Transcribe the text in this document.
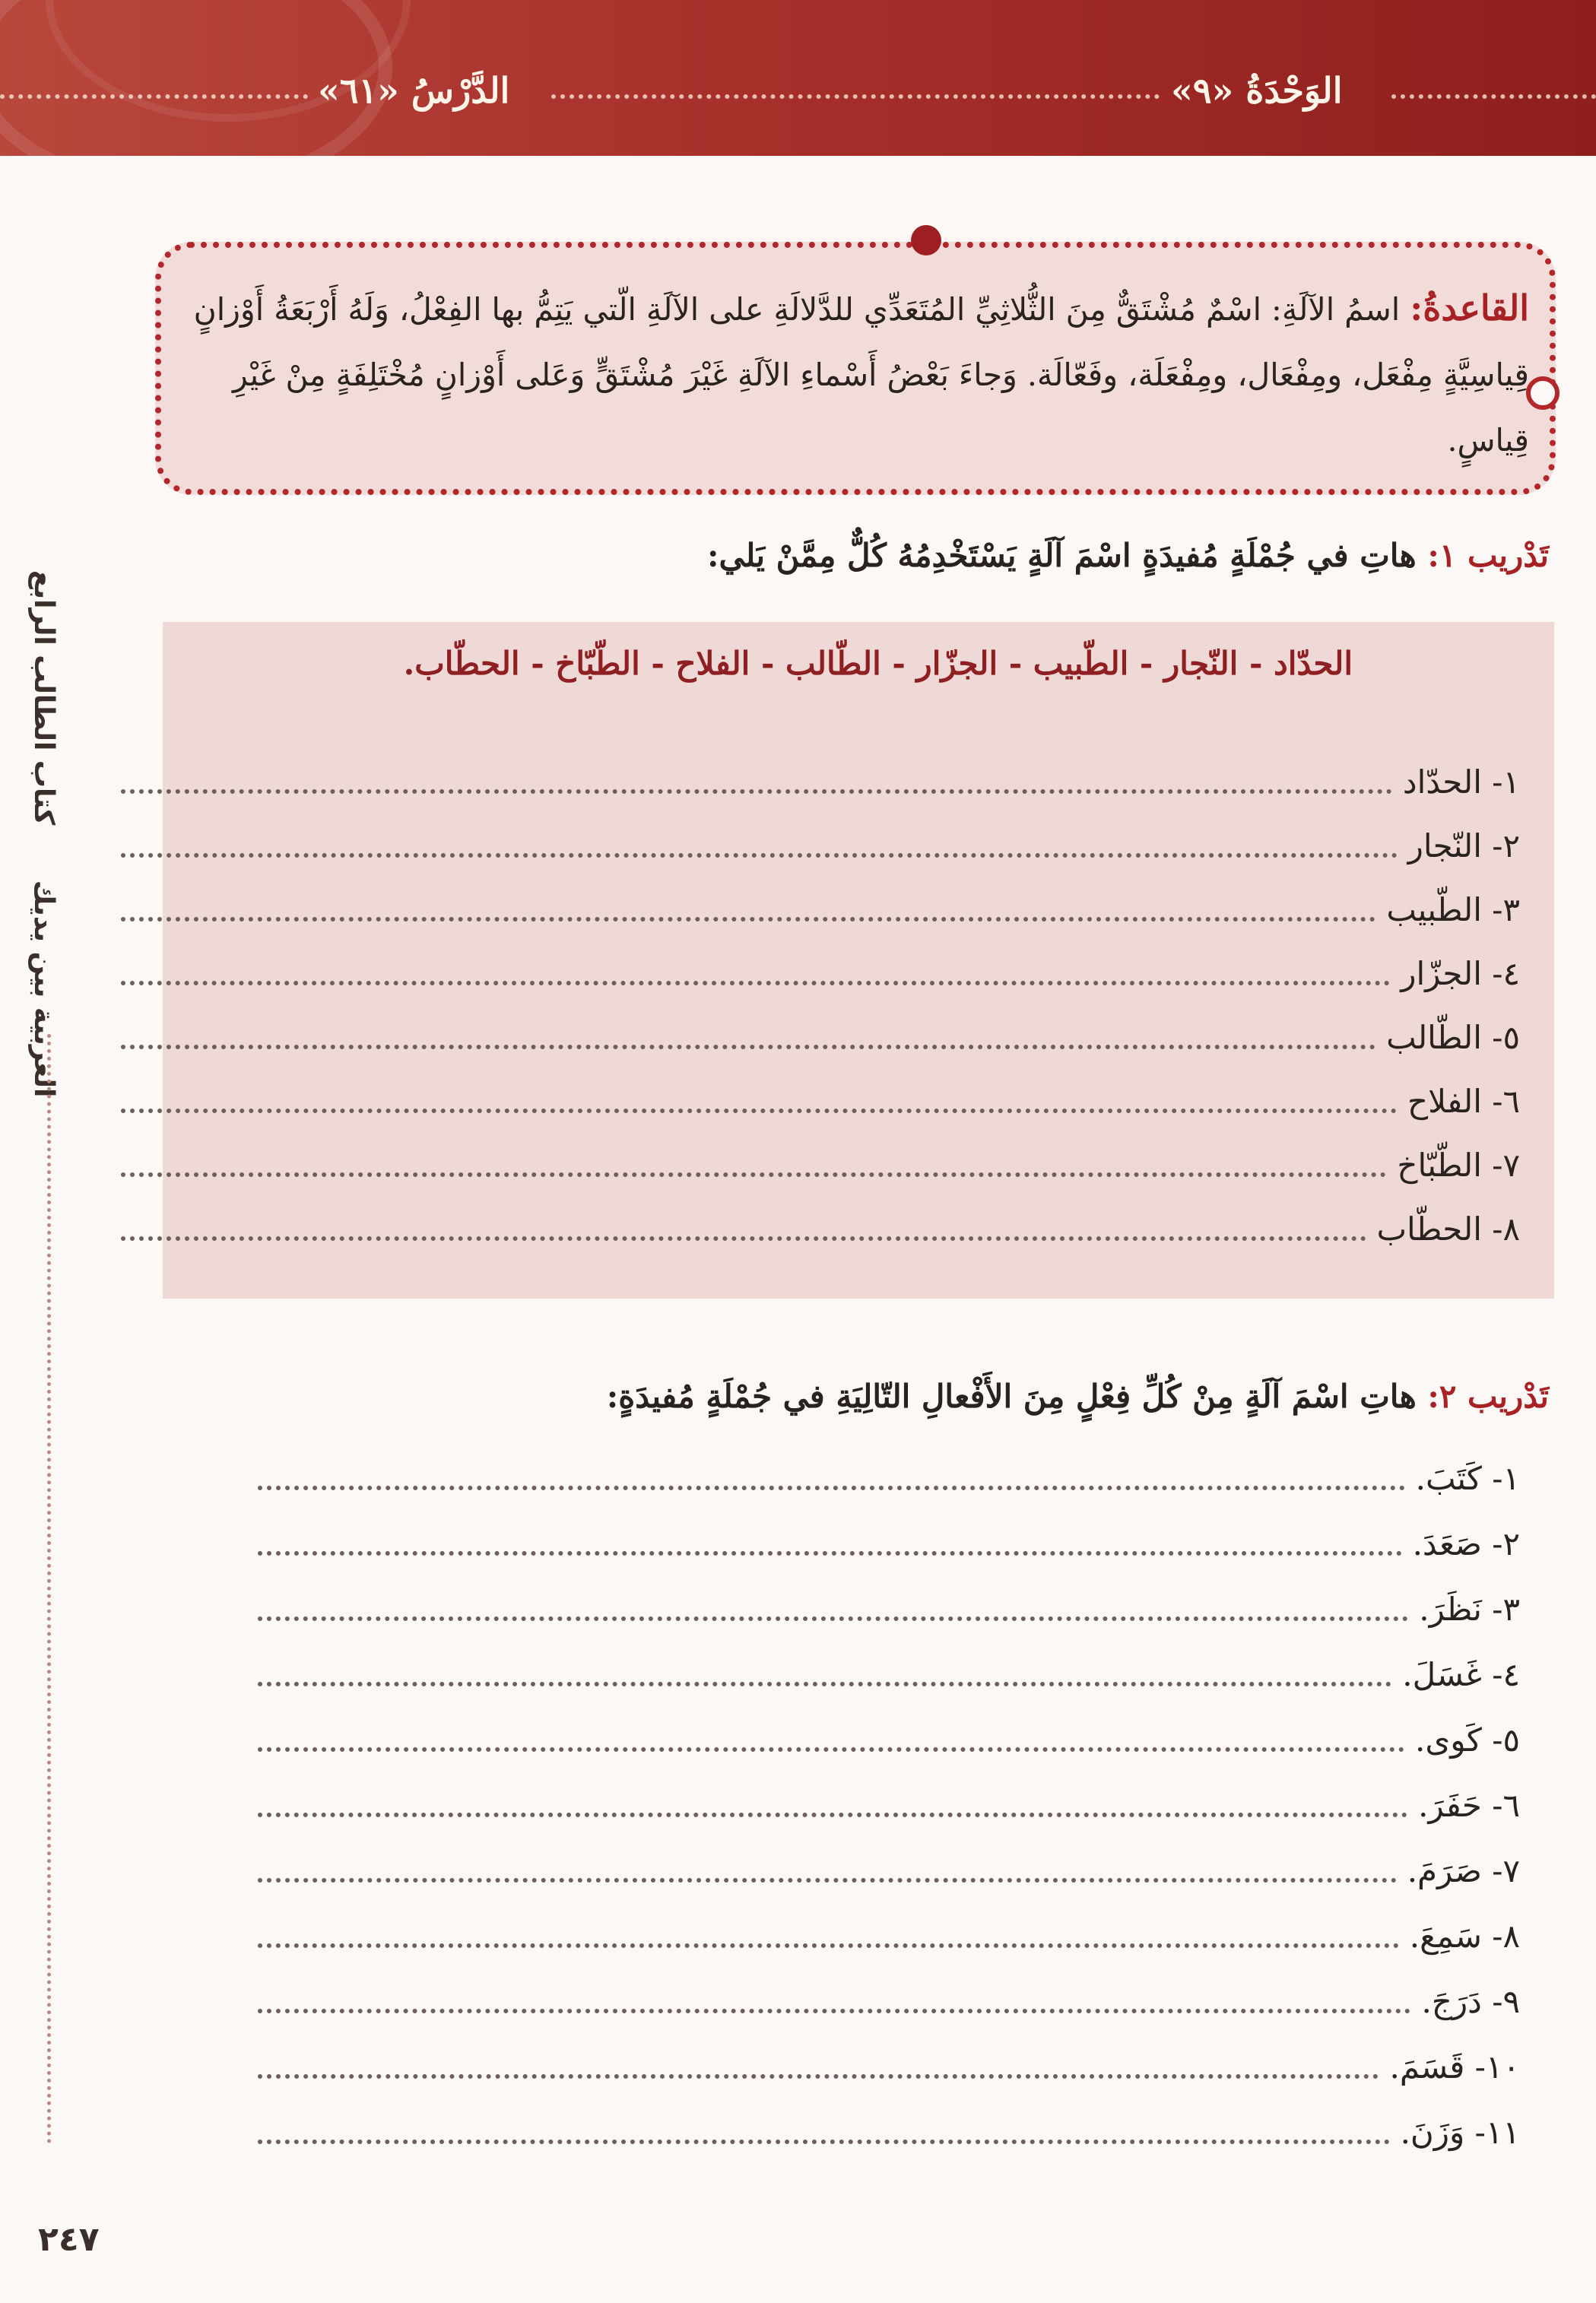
الوَحْدَةُ «٩»
الدَّرْسُ «٦١»
العربية بين يديك كتاب الطالب الرابع
القاعدةُ: اسمُ الآلَةِ: اسْمٌ مُشْتَقٌّ مِنَ الثُّلاثِيِّ المُتَعَدِّي للدَّلالَةِ على الآلَةِ الّتي يَتِمُّ بها الفِعْلُ، وَلَهُ أَرْبَعَةُ أَوْزانٍ قِياسِيَّةٍ مِفْعَل، ومِفْعَال، ومِفْعَلَة، وفَعّالَة. وَجاءَ بَعْضُ أَسْماءِ الآلَةِ غَيْرَ مُشْتَقٍّ وَعَلى أَوْزانٍ مُخْتَلِفَةٍ مِنْ غَيْرِ قِياسٍ.
تَدْريب ١: هاتِ في جُمْلَةٍ مُفيدَةٍ اسْمَ آلَةٍ يَسْتَخْدِمُهُ كُلٌّ مِمَّنْ يَلي:
الحدّاد - النّجار - الطّبيب - الجزّار - الطّالب - الفلاح - الطّبّاخ - الحطّاب.
١- الحدّاد
٢- النّجار
٣- الطّبيب
٤- الجزّار
٥- الطّالب
٦- الفلاح
٧- الطّبّاخ
٨- الحطّاب
تَدْريب ٢: هاتِ اسْمَ آلَةٍ مِنْ كُلِّ فِعْلٍ مِنَ الأَفْعالِ التّالِيَةِ في جُمْلَةٍ مُفيدَةٍ:
١- كَتَبَ.
٢- صَعَدَ.
٣- نَظَرَ.
٤- غَسَلَ.
٥- كَوى.
٦- حَفَرَ.
٧- صَرَمَ.
٨- سَمِعَ.
٩- دَرَجَ.
١٠- قَسَمَ.
١١- وَزَنَ.
٢٤٧
